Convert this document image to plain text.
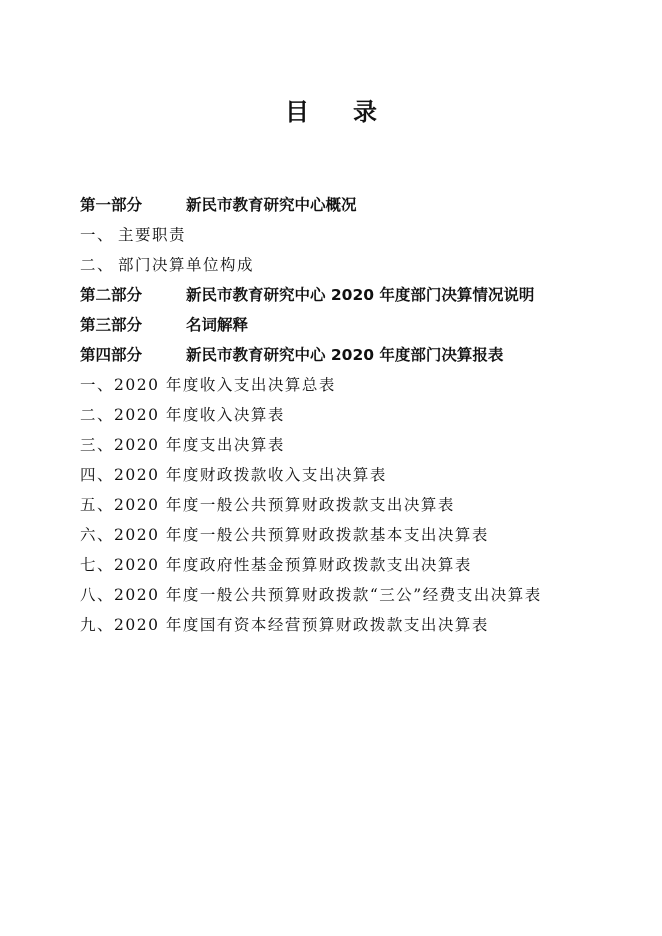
目 录
第一部分	新民市教育研究中心概况
一、 主要职责
二、 部门决算单位构成
第二部分	新民市教育研究中心 2020 年度部门决算情况说明
第三部分	名词解释
第四部分	新民市教育研究中心 2020 年度部门决算报表
一、2020 年度收入支出决算总表
二、2020 年度收入决算表
三、2020 年度支出决算表
四、2020 年度财政拨款收入支出决算表
五、2020 年度一般公共预算财政拨款支出决算表
六、2020 年度一般公共预算财政拨款基本支出决算表
七、2020 年度政府性基金预算财政拨款支出决算表
八、2020 年度一般公共预算财政拨款“三公”经费支出决算表
九、2020 年度国有资本经营预算财政拨款支出决算表
